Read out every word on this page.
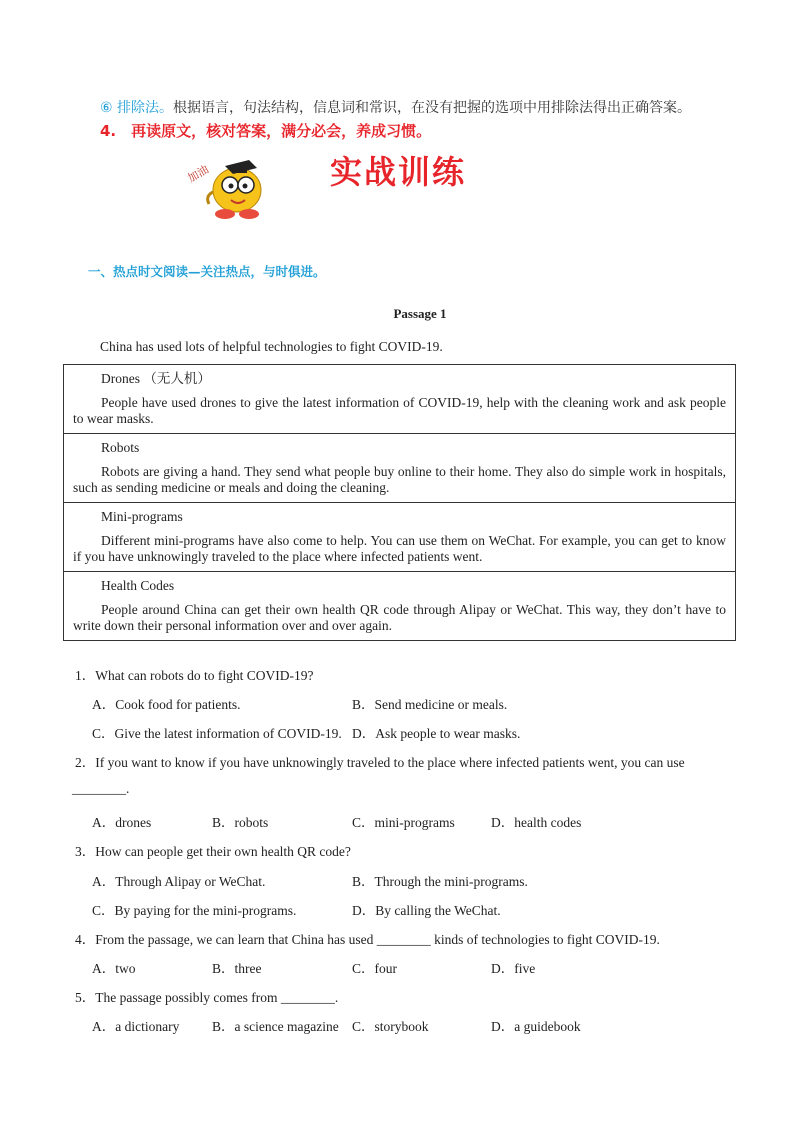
⑥ 排除法。根据语言，句法结构，信息词和常识，在没有把握的选项中用排除法得出正确答案。
4.　再读原文，核对答案，满分必会，养成习惯。
加油	实战训练
一、热点时文阅读—关注热点，与时俱进。
Passage 1
China has used lots of helpful technologies to fight COVID-19.
Drones （无人机）
People have used drones to give the latest information of COVID-19, help with the cleaning work and ask people to wear masks.

Robots
Robots are giving a hand. They send what people buy online to their home. They also do simple work in hospitals, such as sending medicine or meals and doing the cleaning.

Mini-programs
Different mini-programs have also come to help. You can use them on WeChat. For example, you can get to know if you have unknowingly traveled to the place where infected patients went.

Health Codes
People around China can get their own health QR code through Alipay or WeChat. This way, they don’t have to write down their personal information over and over again.
1．What can robots do to fight COVID-19?
A．Cook food for patients.	B．Send medicine or meals.
C．Give the latest information of COVID-19. D．Ask people to wear masks.
2．If you want to know if you have unknowingly traveled to the place where infected patients went, you can use
________.
A．drones	B．robots	C．mini-programs	D．health codes
3．How can people get their own health QR code?
A．Through Alipay or WeChat.	B．Through the mini-programs.
C．By paying for the mini-programs.	D．By calling the WeChat.
4．From the passage, we can learn that China has used ________ kinds of technologies to fight COVID-19.
A．two	B．three	C．four	D．five
5．The passage possibly comes from ________.
A．a dictionary B．a science magazine C．storybook	D．a guidebook
